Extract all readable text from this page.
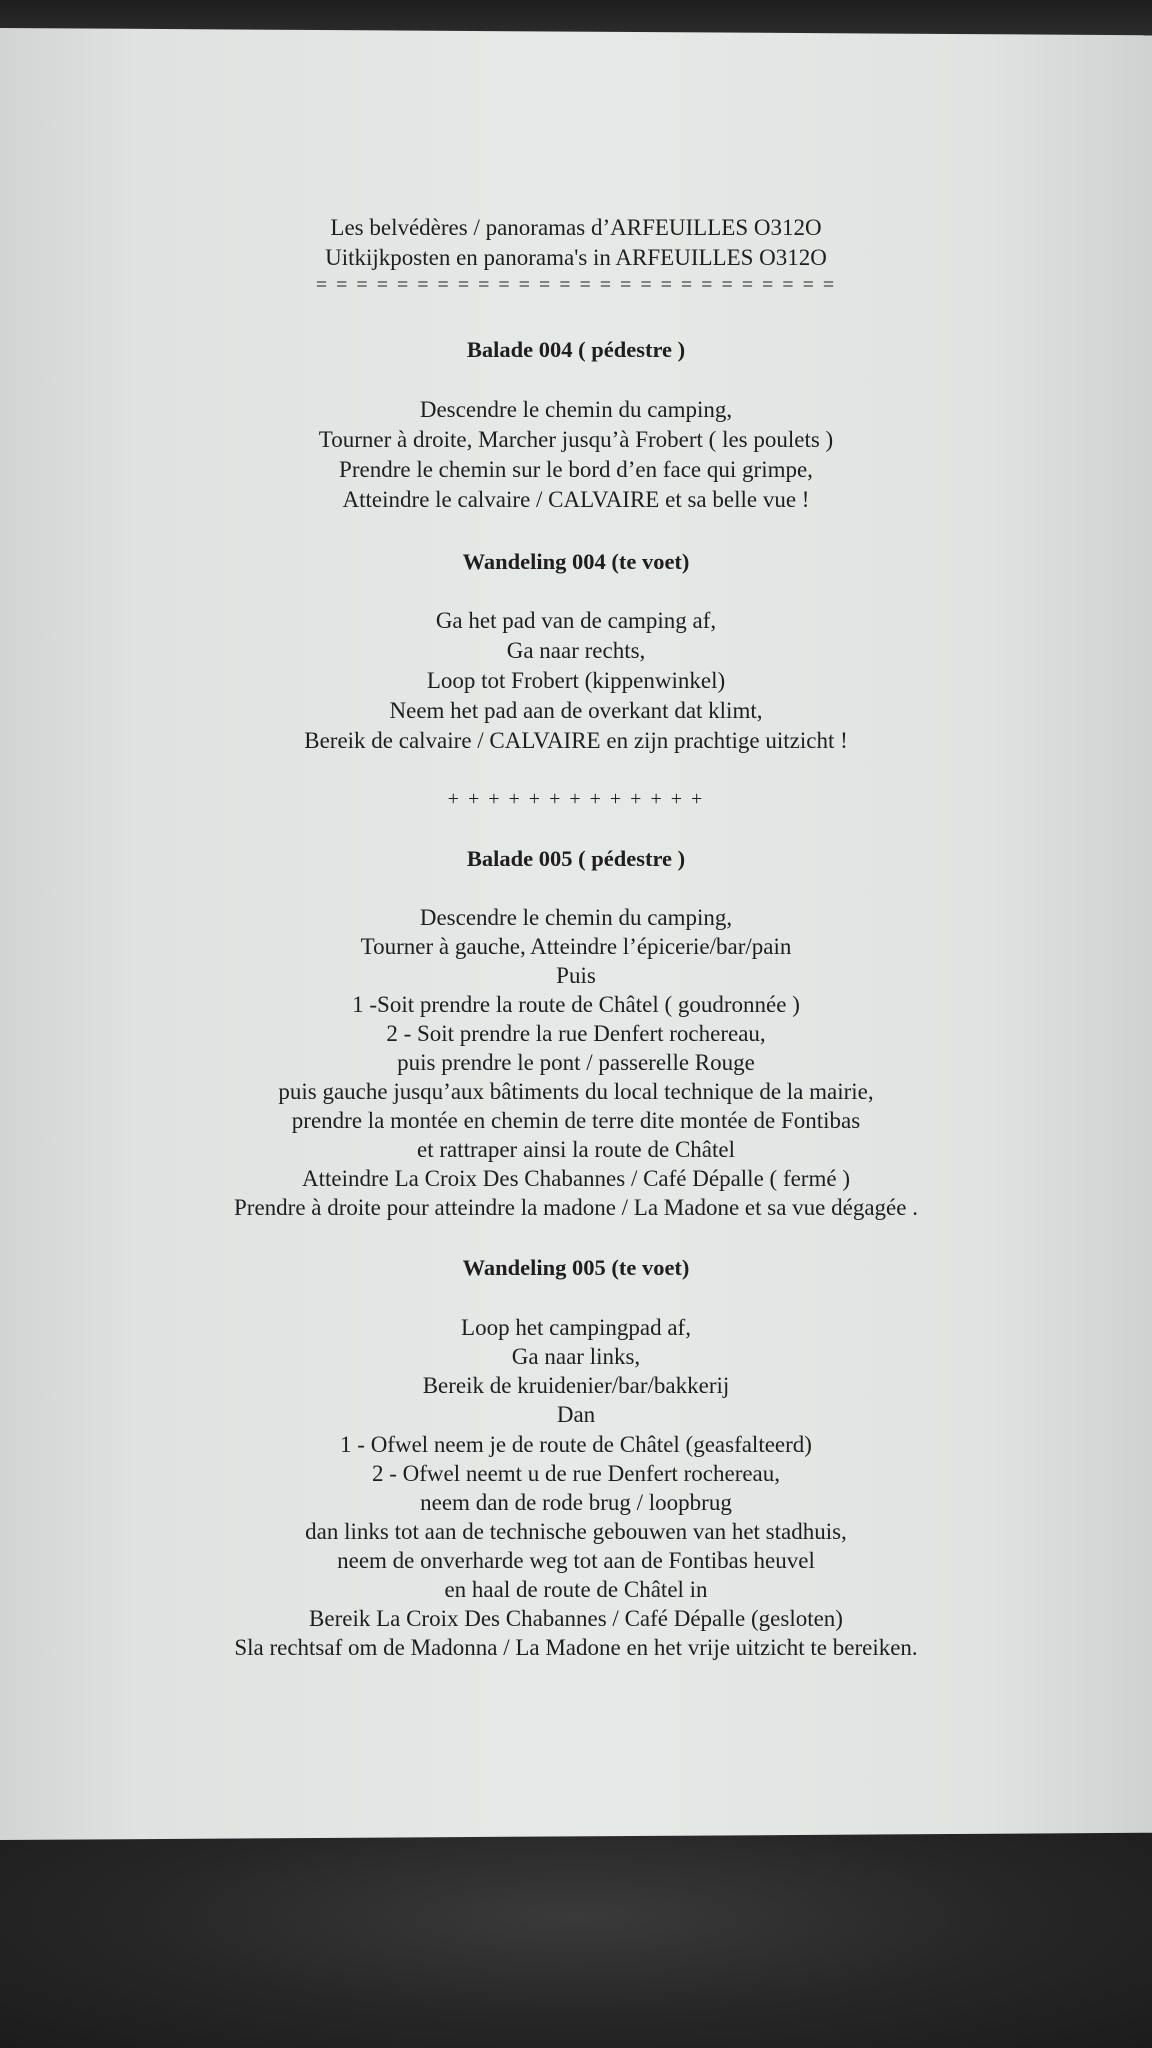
Les belvédères / panoramas d’ARFEUILLES O312O
Uitkijkposten en panorama's in ARFEUILLES O312O
= = = = = = = = = = = = = = = = = = = = = = = = = =
Balade 004 ( pédestre )
Descendre le chemin du camping,
Tourner à droite, Marcher jusqu’à Frobert ( les poulets )
Prendre le chemin sur le bord d’en face qui grimpe,
Atteindre le calvaire / CALVAIRE et sa belle vue !
Wandeling 004 (te voet)
Ga het pad van de camping af,
Ga naar rechts,
Loop tot Frobert (kippenwinkel)
Neem het pad aan de overkant dat klimt,
Bereik de calvaire / CALVAIRE en zijn prachtige uitzicht !
+ + + + + + + + + + + + +
Balade 005 ( pédestre )
Descendre le chemin du camping,
Tourner à gauche, Atteindre l’épicerie/bar/pain
Puis
1 -Soit prendre la route de Châtel ( goudronnée )
2 - Soit prendre la rue Denfert rochereau,
puis prendre le pont / passerelle Rouge
puis gauche jusqu’aux bâtiments du local technique de la mairie,
prendre la montée en chemin de terre dite montée de Fontibas
et rattraper ainsi la route de Châtel
Atteindre La Croix Des Chabannes / Café Dépalle ( fermé )
Prendre à droite pour atteindre la madone / La Madone et sa vue dégagée .
Wandeling 005 (te voet)
Loop het campingpad af,
Ga naar links,
Bereik de kruidenier/bar/bakkerij
Dan
1 - Ofwel neem je de route de Châtel (geasfalteerd)
2 - Ofwel neemt u de rue Denfert rochereau,
neem dan de rode brug / loopbrug
dan links tot aan de technische gebouwen van het stadhuis,
neem de onverharde weg tot aan de Fontibas heuvel
en haal de route de Châtel in
Bereik La Croix Des Chabannes / Café Dépalle (gesloten)
Sla rechtsaf om de Madonna / La Madone en het vrije uitzicht te bereiken.
